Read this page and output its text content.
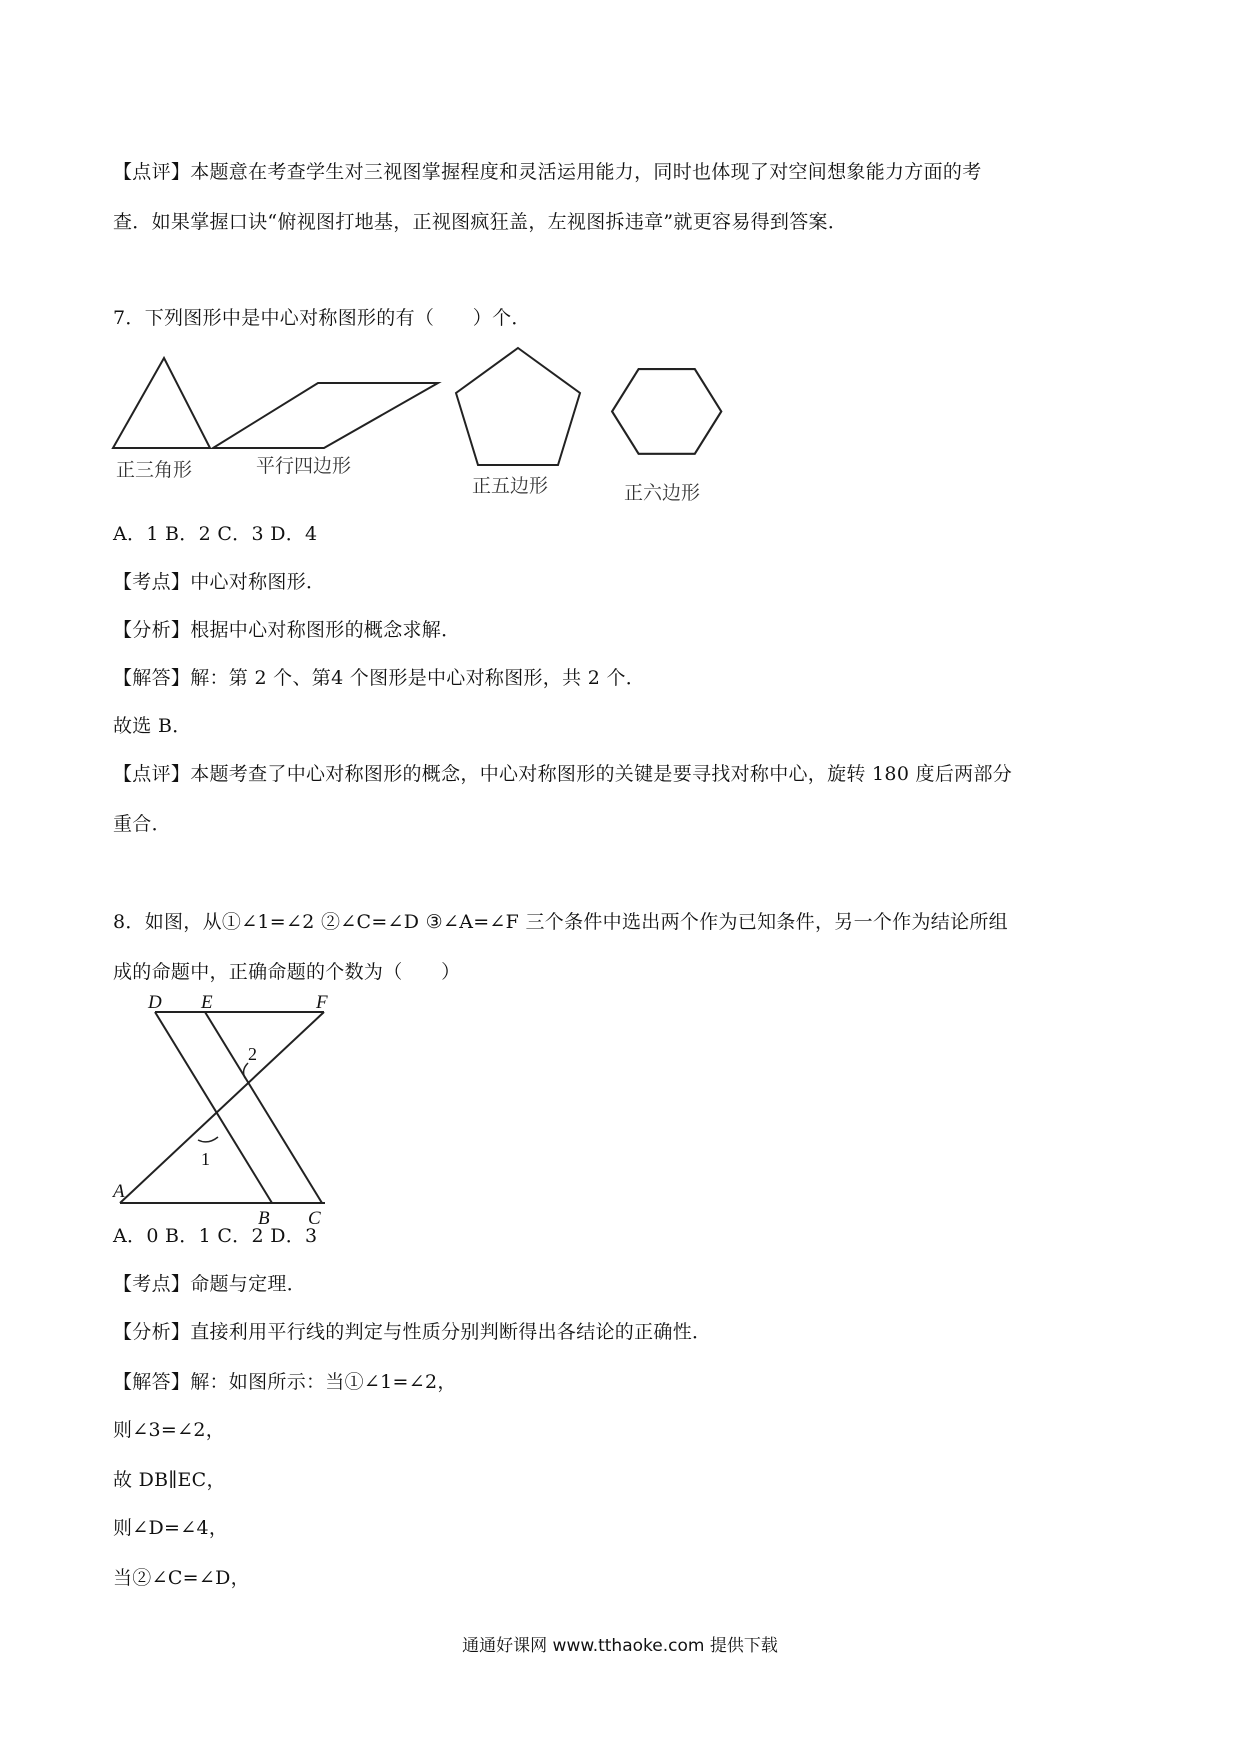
【点评】本题意在考查学生对三视图掌握程度和灵活运用能力，同时也体现了对空间想象能力方面的考
查．如果掌握口诀“俯视图打地基，正视图疯狂盖，左视图拆违章”就更容易得到答案．
7．下列图形中是中心对称图形的有（　　）个．
正三角形	平行四边形
正五边形	正六边形
A．1 B．2 C．3 D．4
【考点】中心对称图形．
【分析】根据中心对称图形的概念求解．
【解答】解：第 2 个、第4 个图形是中心对称图形，共 2 个．
故选 B．
【点评】本题考查了中心对称图形的概念，中心对称图形的关键是要寻找对称中心，旋转 180 度后两部分
重合．
8．如图，从①∠1=∠2 ②∠C=∠D ③∠A=∠F 三个条件中选出两个作为已知条件，另一个作为结论所组
成的命题中，正确命题的个数为（　　）
D E	F
A
B C
1
2
A．0 B．1 C．2 D．3
【考点】命题与定理．
【分析】直接利用平行线的判定与性质分别判断得出各结论的正确性．
【解答】解：如图所示：当①∠1=∠2，
则∠3=∠2，
故 DB∥EC，
则∠D=∠4，
当②∠C=∠D，
通通好课网 www.tthaoke.com 提供下载
